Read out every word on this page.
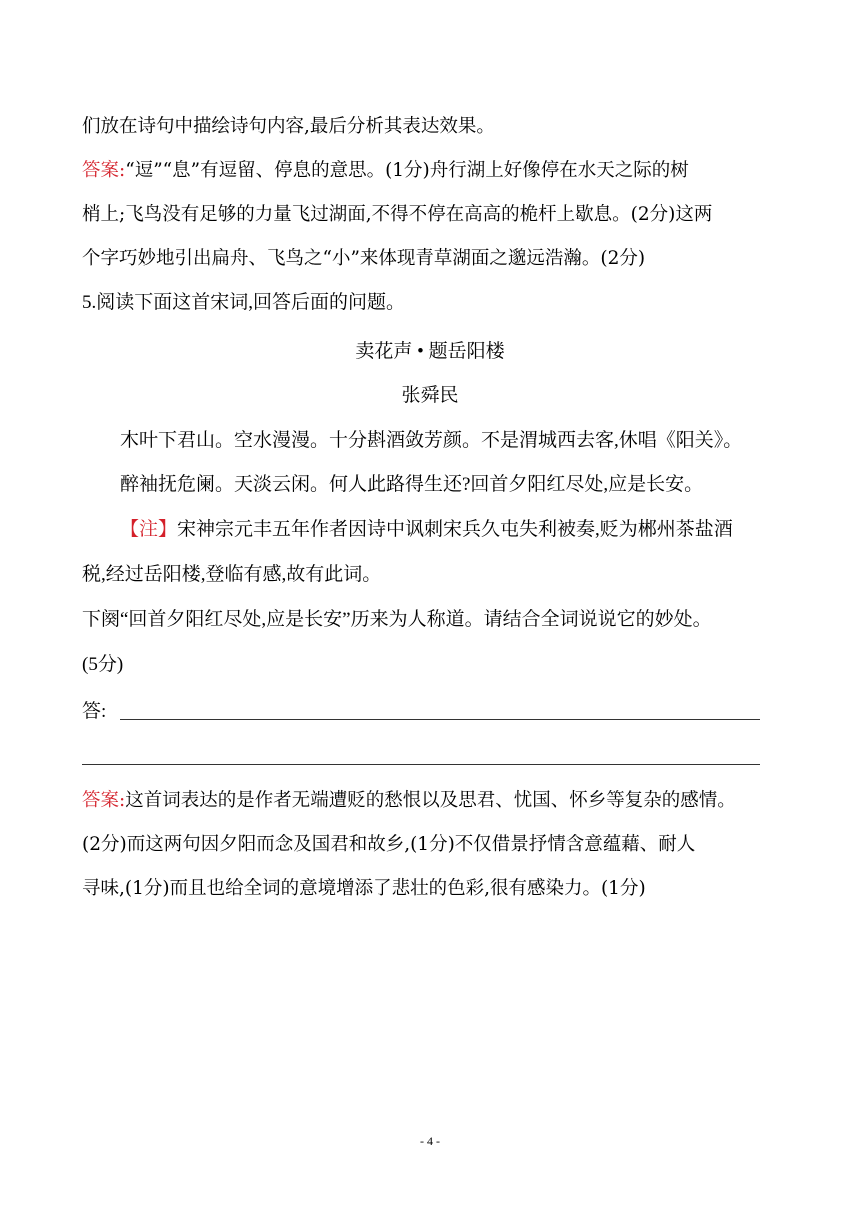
们放在诗句中描绘诗句内容,最后分析其表达效果。
答案:“逗”“息”有逗留、停息的意思。(1分)舟行湖上好像停在水天之际的树
梢上;飞鸟没有足够的力量飞过湖面,不得不停在高高的桅杆上歇息。(2分)这两
个字巧妙地引出扁舟、飞鸟之“小”来体现青草湖面之邈远浩瀚。(2分)
5.阅读下面这首宋词,回答后面的问题。
卖花声 • 题岳阳楼
张舜民
木叶下君山。空水漫漫。十分斟酒敛芳颜。不是渭城西去客,休唱《阳关》。
醉袖抚危阑。天淡云闲。何人此路得生还?回首夕阳红尽处,应是长安。
【注】宋神宗元丰五年作者因诗中讽刺宋兵久屯失利被奏,贬为郴州茶盐酒
税,经过岳阳楼,登临有感,故有此词。
下阕“回首夕阳红尽处,应是长安”历来为人称道。请结合全词说说它的妙处。
(5分)
答:
答案:这首词表达的是作者无端遭贬的愁恨以及思君、忧国、怀乡等复杂的感情。
(2分)而这两句因夕阳而念及国君和故乡,(1分)不仅借景抒情含意蕴藉、耐人
寻味,(1分)而且也给全词的意境增添了悲壮的色彩,很有感染力。(1分)
- 4 -
